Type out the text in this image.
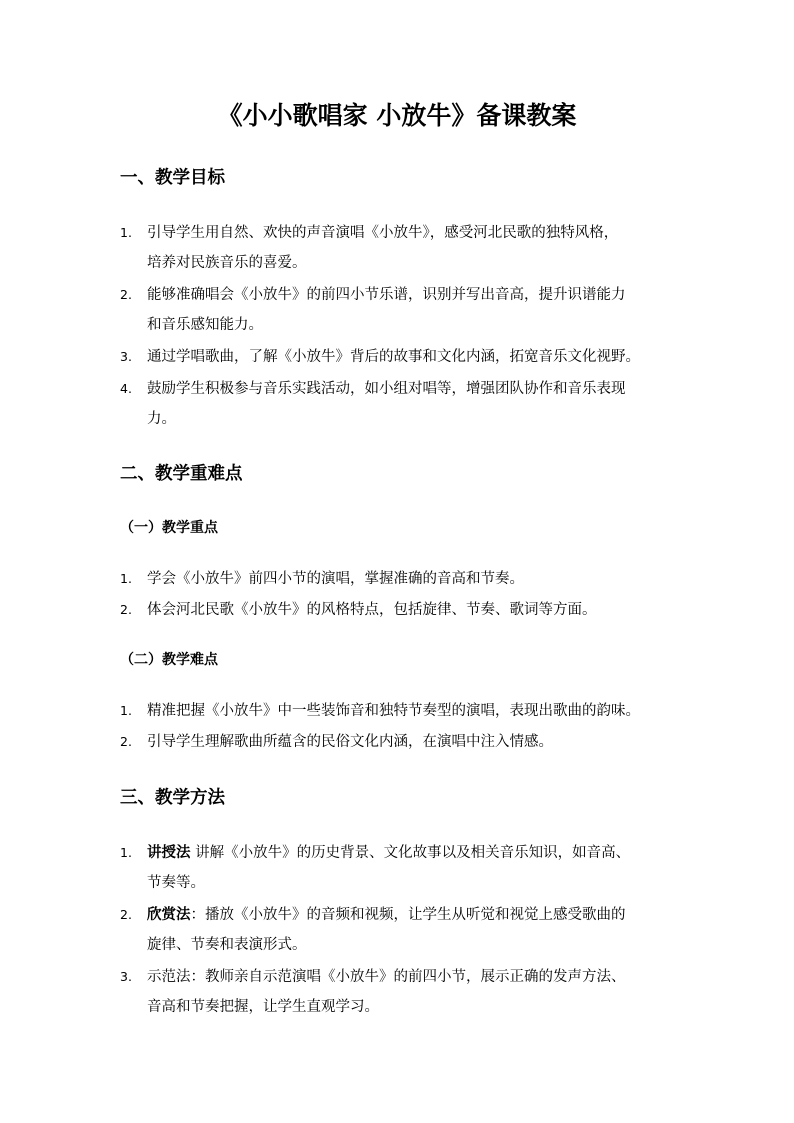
《小小歌唱家 小放牛》备课教案
一、教学目标
1.	引导学生用自然、欢快的声音演唱《小放牛》，感受河北民歌的独特风格，
培养对民族音乐的喜爱。
2.	能够准确唱会《小放牛》的前四小节乐谱，识别并写出音高，提升识谱能力
和音乐感知能力。
3.	通过学唱歌曲，了解《小放牛》背后的故事和文化内涵，拓宽音乐文化视野。
4.	鼓励学生积极参与音乐实践活动，如小组对唱等，增强团队协作和音乐表现
力。
二、教学重难点
（一）教学重点
1.	学会《小放牛》前四小节的演唱，掌握准确的音高和节奏。
2.	体会河北民歌《小放牛》的风格特点，包括旋律、节奏、歌词等方面。
（二）教学难点
1.	精准把握《小放牛》中一些装饰音和独特节奏型的演唱，表现出歌曲的韵味。
2.	引导学生理解歌曲所蕴含的民俗文化内涵，在演唱中注入情感。
三、教学方法
1.	讲授法 讲解《小放牛》的历史背景、文化故事以及相关音乐知识，如音高、
节奏等。
2.	欣赏法：播放《小放牛》的音频和视频，让学生从听觉和视觉上感受歌曲的
旋律、节奏和表演形式。
3.	示范法：教师亲自示范演唱《小放牛》的前四小节，展示正确的发声方法、
音高和节奏把握，让学生直观学习。
